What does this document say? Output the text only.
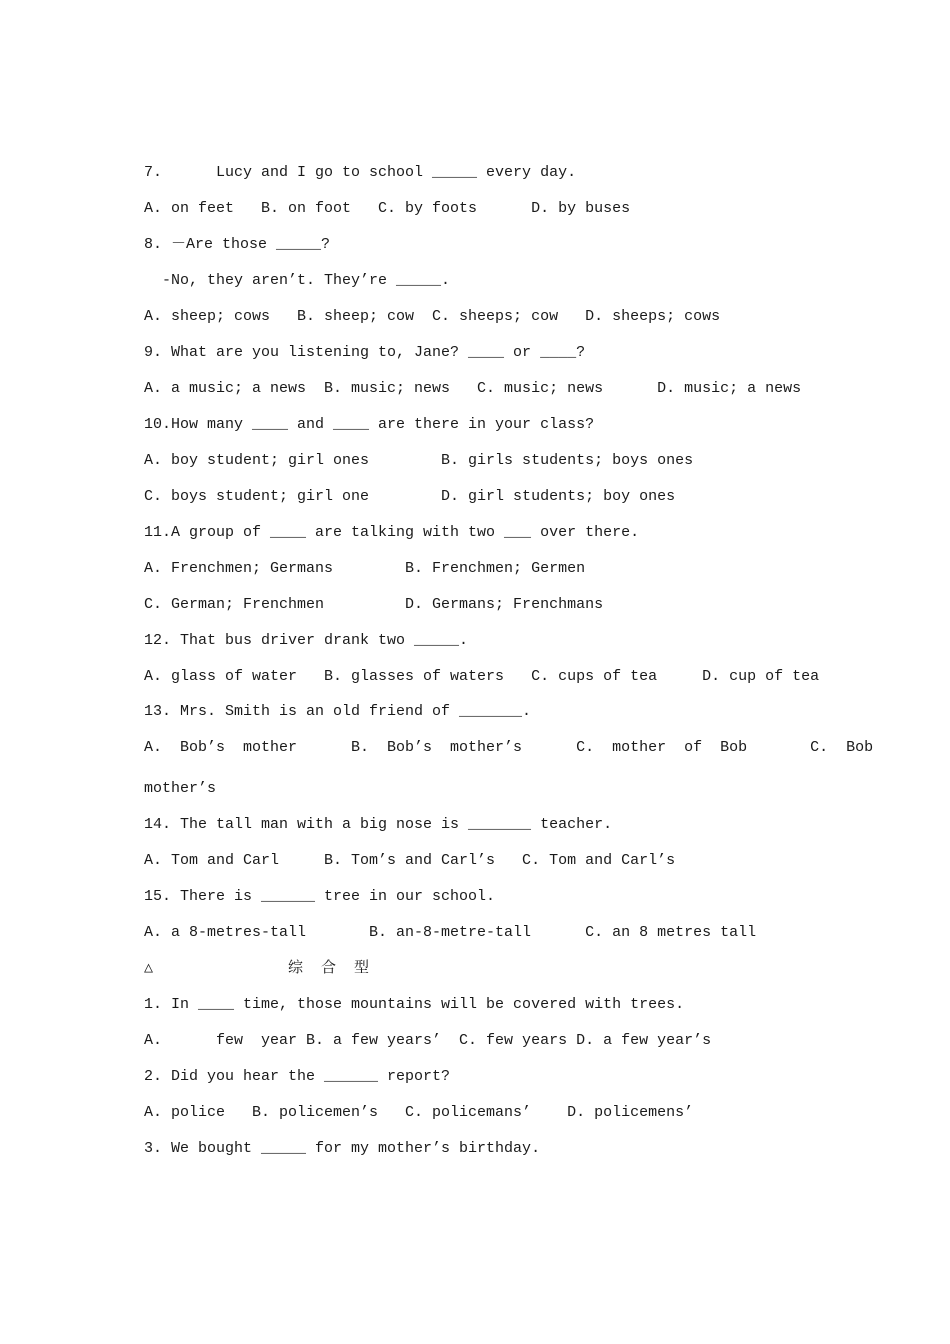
7.      Lucy and I go to school _____ every day.
A. on feet   B. on foot   C. by foots      D. by buses
8. －Are those _____?
-No, they aren’t. They’re _____.
A. sheep; cows   B. sheep; cow  C. sheeps; cow   D. sheeps; cows
9. What are you listening to, Jane? ____ or ____?
A. a music; a news  B. music; news   C. music; news      D. music; a news
10.How many ____ and ____ are there in your class?
A. boy student; girl ones        B. girls students; boys ones
C. boys student; girl one        D. girl students; boy ones
11.A group of ____ are talking with two ___ over there.
A. Frenchmen; Germans        B. Frenchmen; Germen
C. German; Frenchmen         D. Germans; Frenchmans
12. That bus driver drank two _____.
A. glass of water   B. glasses of waters   C. cups of tea     D. cup of tea
13. Mrs. Smith is an old friend of _______.
A.  Bob’s  mother      B.  Bob’s  mother’s      C.  mother  of  Bob       C.  Bob
mother’s
14. The tall man with a big nose is _______ teacher.
A. Tom and Carl     B. Tom’s and Carl’s   C. Tom and Carl’s
15. There is ______ tree in our school.
A. a 8-metres-tall       B. an-8-metre-tall      C. an 8 metres tall
△               综  合  型
1. In ____ time, those mountains will be covered with trees.
A.      few  year B. a few years’  C. few years D. a few year’s
2. Did you hear the ______ report?
A. police   B. policemen’s   C. policemans’    D. policemens’
3. We bought _____ for my mother’s birthday.
